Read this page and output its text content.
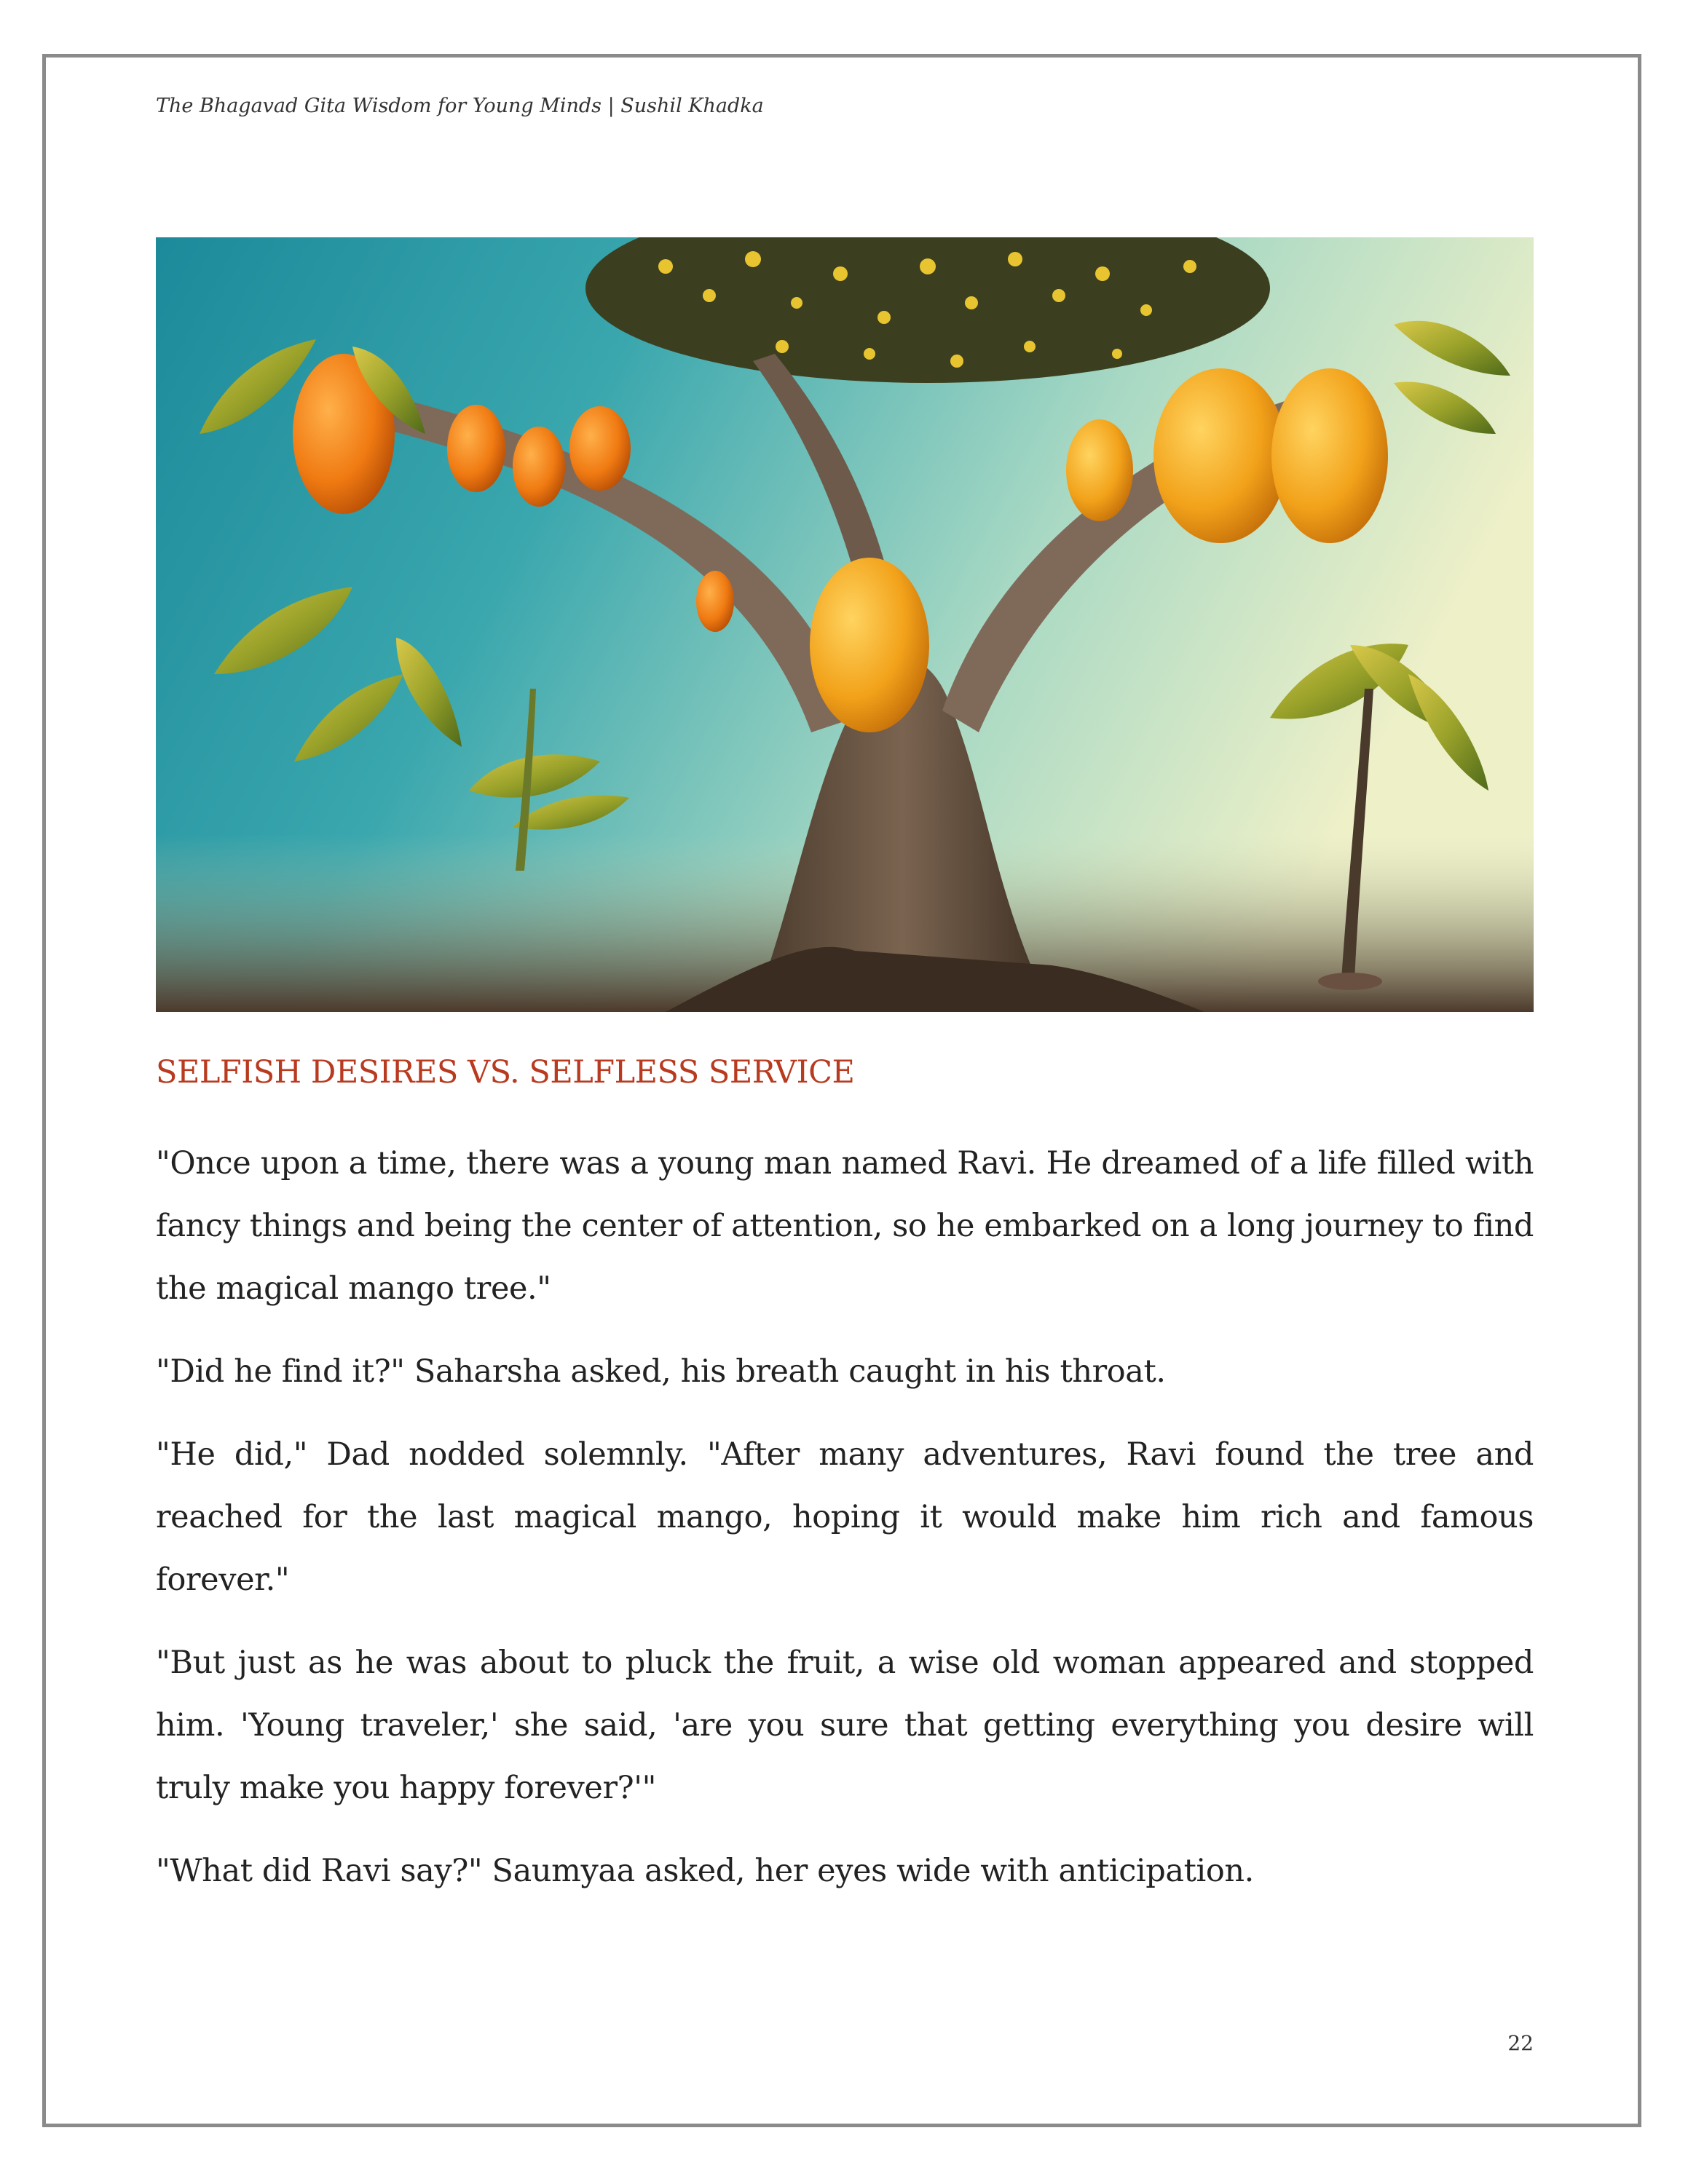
The Bhagavad Gita Wisdom for Young Minds | Sushil Khadka
SELFISH DESIRES VS. SELFLESS SERVICE

"Once upon a time, there was a young man named Ravi. He dreamed of a life filled with fancy things and being the center of attention, so he embarked on a long journey to find the magical mango tree."

"Did he find it?" Saharsha asked, his breath caught in his throat.

"He did," Dad nodded solemnly. "After many adventures, Ravi found the tree and reached for the last magical mango, hoping it would make him rich and famous forever."

"But just as he was about to pluck the fruit, a wise old woman appeared and stopped him. 'Young traveler,' she said, 'are you sure that getting everything you desire will truly make you happy forever?'"

"What did Ravi say?" Saumyaa asked, her eyes wide with anticipation.

22
